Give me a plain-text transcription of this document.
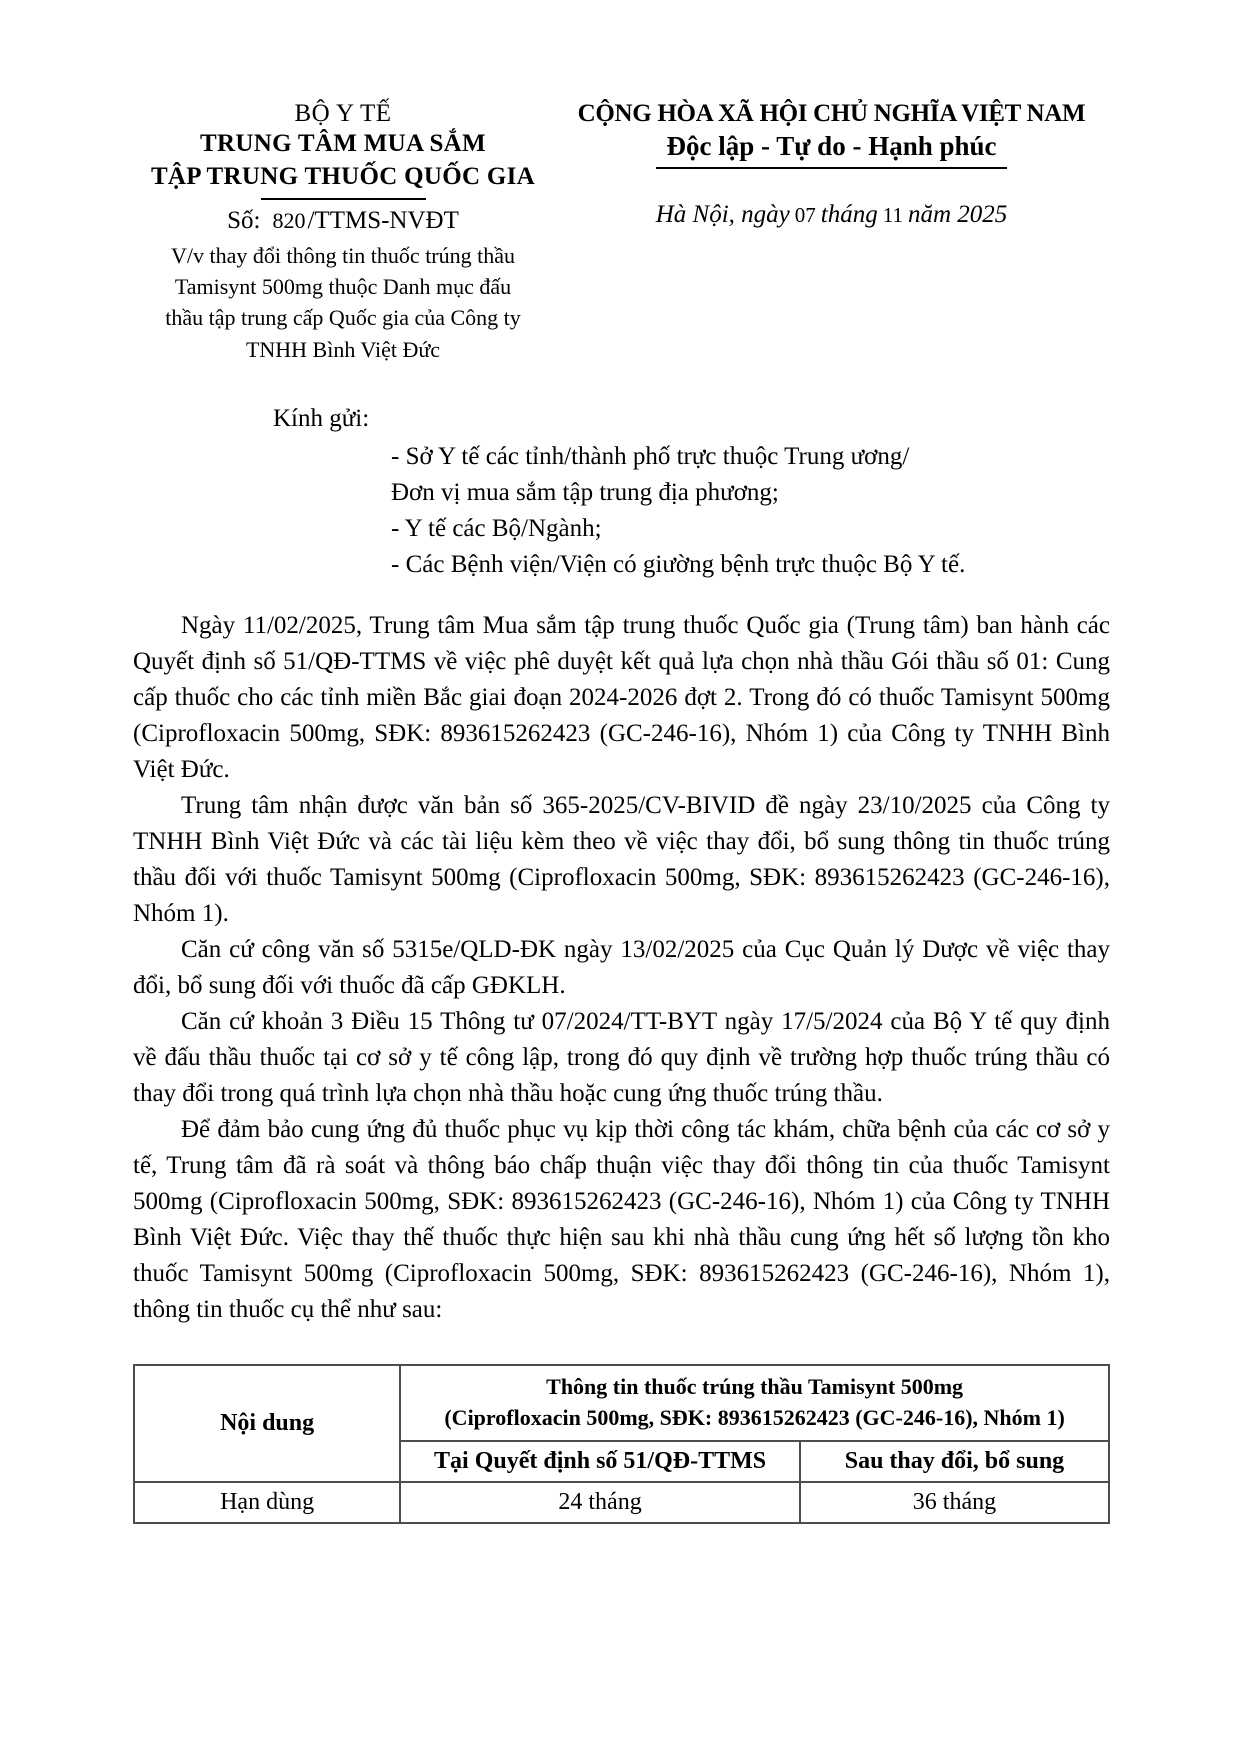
BỘ Y TẾ
TRUNG TÂM MUA SẮM
TẬP TRUNG THUỐC QUỐC GIA
Số: 820/TTMS-NVĐT
V/v thay đổi thông tin thuốc trúng thầu
Tamisynt 500mg thuộc Danh mục đấu
thầu tập trung cấp Quốc gia của Công ty
TNHH Bình Việt Đức
CỘNG HÒA XÃ HỘI CHỦ NGHĨA VIỆT NAM
Độc lập - Tự do - Hạnh phúc
Hà Nội, ngày 07 tháng 11 năm 2025
Kính gửi:
- Sở Y tế các tỉnh/thành phố trực thuộc Trung ương/
Đơn vị mua sắm tập trung địa phương;
- Y tế các Bộ/Ngành;
- Các Bệnh viện/Viện có giường bệnh trực thuộc Bộ Y tế.

Ngày 11/02/2025, Trung tâm Mua sắm tập trung thuốc Quốc gia (Trung tâm) ban hành các Quyết định số 51/QĐ-TTMS về việc phê duyệt kết quả lựa chọn nhà thầu Gói thầu số 01: Cung cấp thuốc cho các tỉnh miền Bắc giai đoạn 2024-2026 đợt 2. Trong đó có thuốc Tamisynt 500mg (Ciprofloxacin 500mg, SĐK: 893615262423 (GC-246-16), Nhóm 1) của Công ty TNHH Bình Việt Đức.

Trung tâm nhận được văn bản số 365-2025/CV-BIVID đề ngày 23/10/2025 của Công ty TNHH Bình Việt Đức và các tài liệu kèm theo về việc thay đổi, bổ sung thông tin thuốc trúng thầu đối với thuốc Tamisynt 500mg (Ciprofloxacin 500mg, SĐK: 893615262423 (GC-246-16), Nhóm 1).

Căn cứ công văn số 5315e/QLD-ĐK ngày 13/02/2025 của Cục Quản lý Dược về việc thay đổi, bổ sung đối với thuốc đã cấp GĐKLH.

Căn cứ khoản 3 Điều 15 Thông tư 07/2024/TT-BYT ngày 17/5/2024 của Bộ Y tế quy định về đấu thầu thuốc tại cơ sở y tế công lập, trong đó quy định về trường hợp thuốc trúng thầu có thay đổi trong quá trình lựa chọn nhà thầu hoặc cung ứng thuốc trúng thầu.

Để đảm bảo cung ứng đủ thuốc phục vụ kịp thời công tác khám, chữa bệnh của các cơ sở y tế, Trung tâm đã rà soát và thông báo chấp thuận việc thay đổi thông tin của thuốc Tamisynt 500mg (Ciprofloxacin 500mg, SĐK: 893615262423 (GC-246-16), Nhóm 1) của Công ty TNHH Bình Việt Đức. Việc thay thế thuốc thực hiện sau khi nhà thầu cung ứng hết số lượng tồn kho thuốc Tamisynt 500mg (Ciprofloxacin 500mg, SĐK: 893615262423 (GC-246-16), Nhóm 1), thông tin thuốc cụ thể như sau:

Nội dung	Thông tin thuốc trúng thầu Tamisynt 500mg
(Ciprofloxacin 500mg, SĐK: 893615262423 (GC-246-16), Nhóm 1)	

	Tại Quyết định số 51/QĐ-TTMS	Sau thay đổi, bổ sung
Hạn dùng	24 tháng	36 tháng
